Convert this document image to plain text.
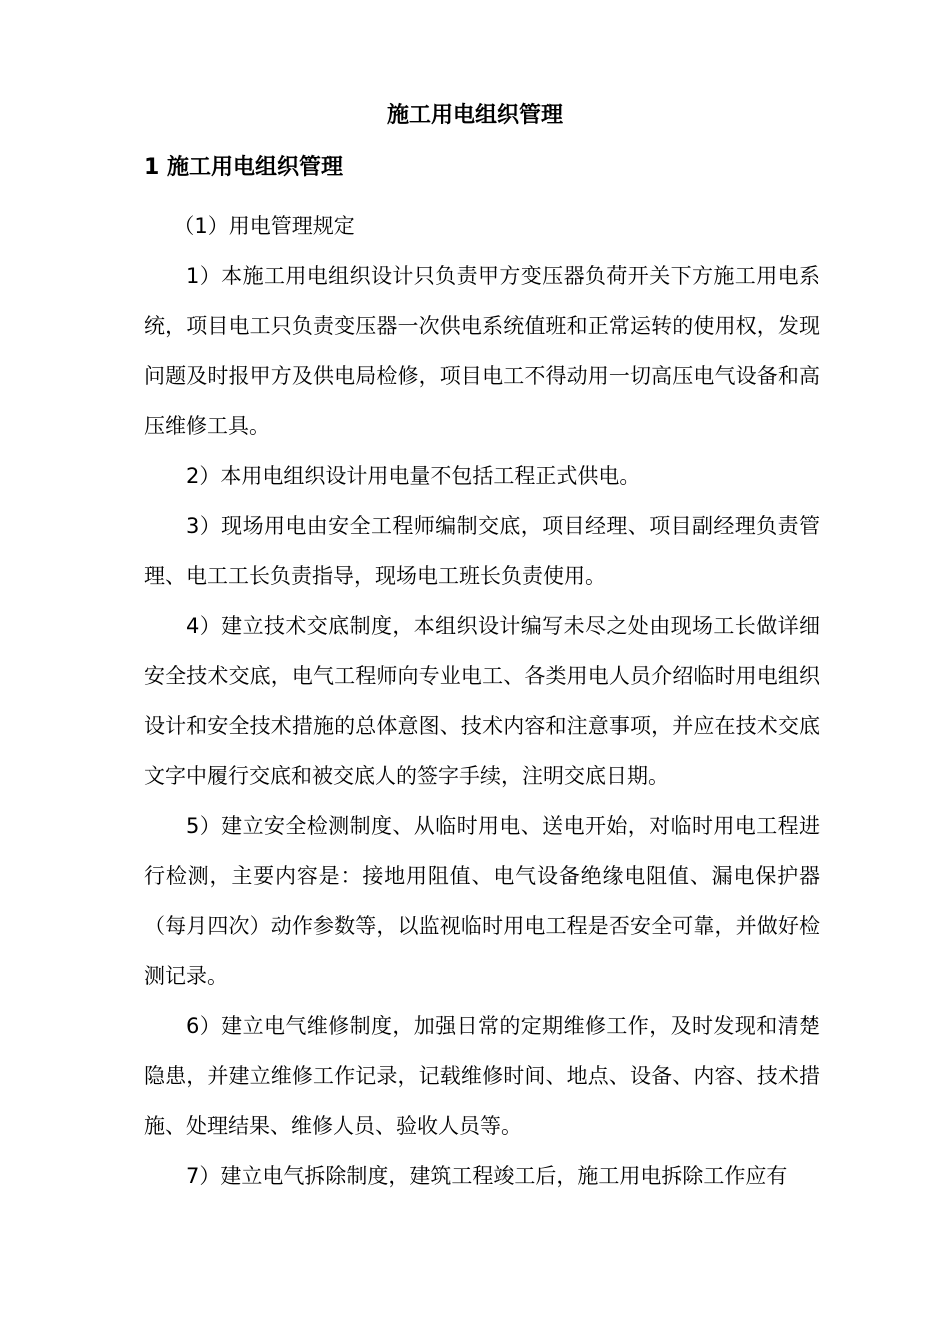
施工用电组织管理
1 施工用电组织管理

（1）用电管理规定

1）本施工用电组织设计只负责甲方变压器负荷开关下方施工用电系统，项目电工只负责变压器一次供电系统值班和正常运转的使用权，发现问题及时报甲方及供电局检修，项目电工不得动用一切高压电气设备和高压维修工具。

2）本用电组织设计用电量不包括工程正式供电。

3）现场用电由安全工程师编制交底，项目经理、项目副经理负责管理、电工工长负责指导，现场电工班长负责使用。

4）建立技术交底制度，本组织设计编写未尽之处由现场工长做详细安全技术交底，电气工程师向专业电工、各类用电人员介绍临时用电组织设计和安全技术措施的总体意图、技术内容和注意事项，并应在技术交底文字中履行交底和被交底人的签字手续，注明交底日期。

5）建立安全检测制度、从临时用电、送电开始，对临时用电工程进行检测，主要内容是：接地用阻值、电气设备绝缘电阻值、漏电保护器（每月四次）动作参数等，以监视临时用电工程是否安全可靠，并做好检测记录。

6）建立电气维修制度，加强日常的定期维修工作，及时发现和清楚隐患，并建立维修工作记录，记载维修时间、地点、设备、内容、技术措施、处理结果、维修人员、验收人员等。

7）建立电气拆除制度，建筑工程竣工后，施工用电拆除工作应有
